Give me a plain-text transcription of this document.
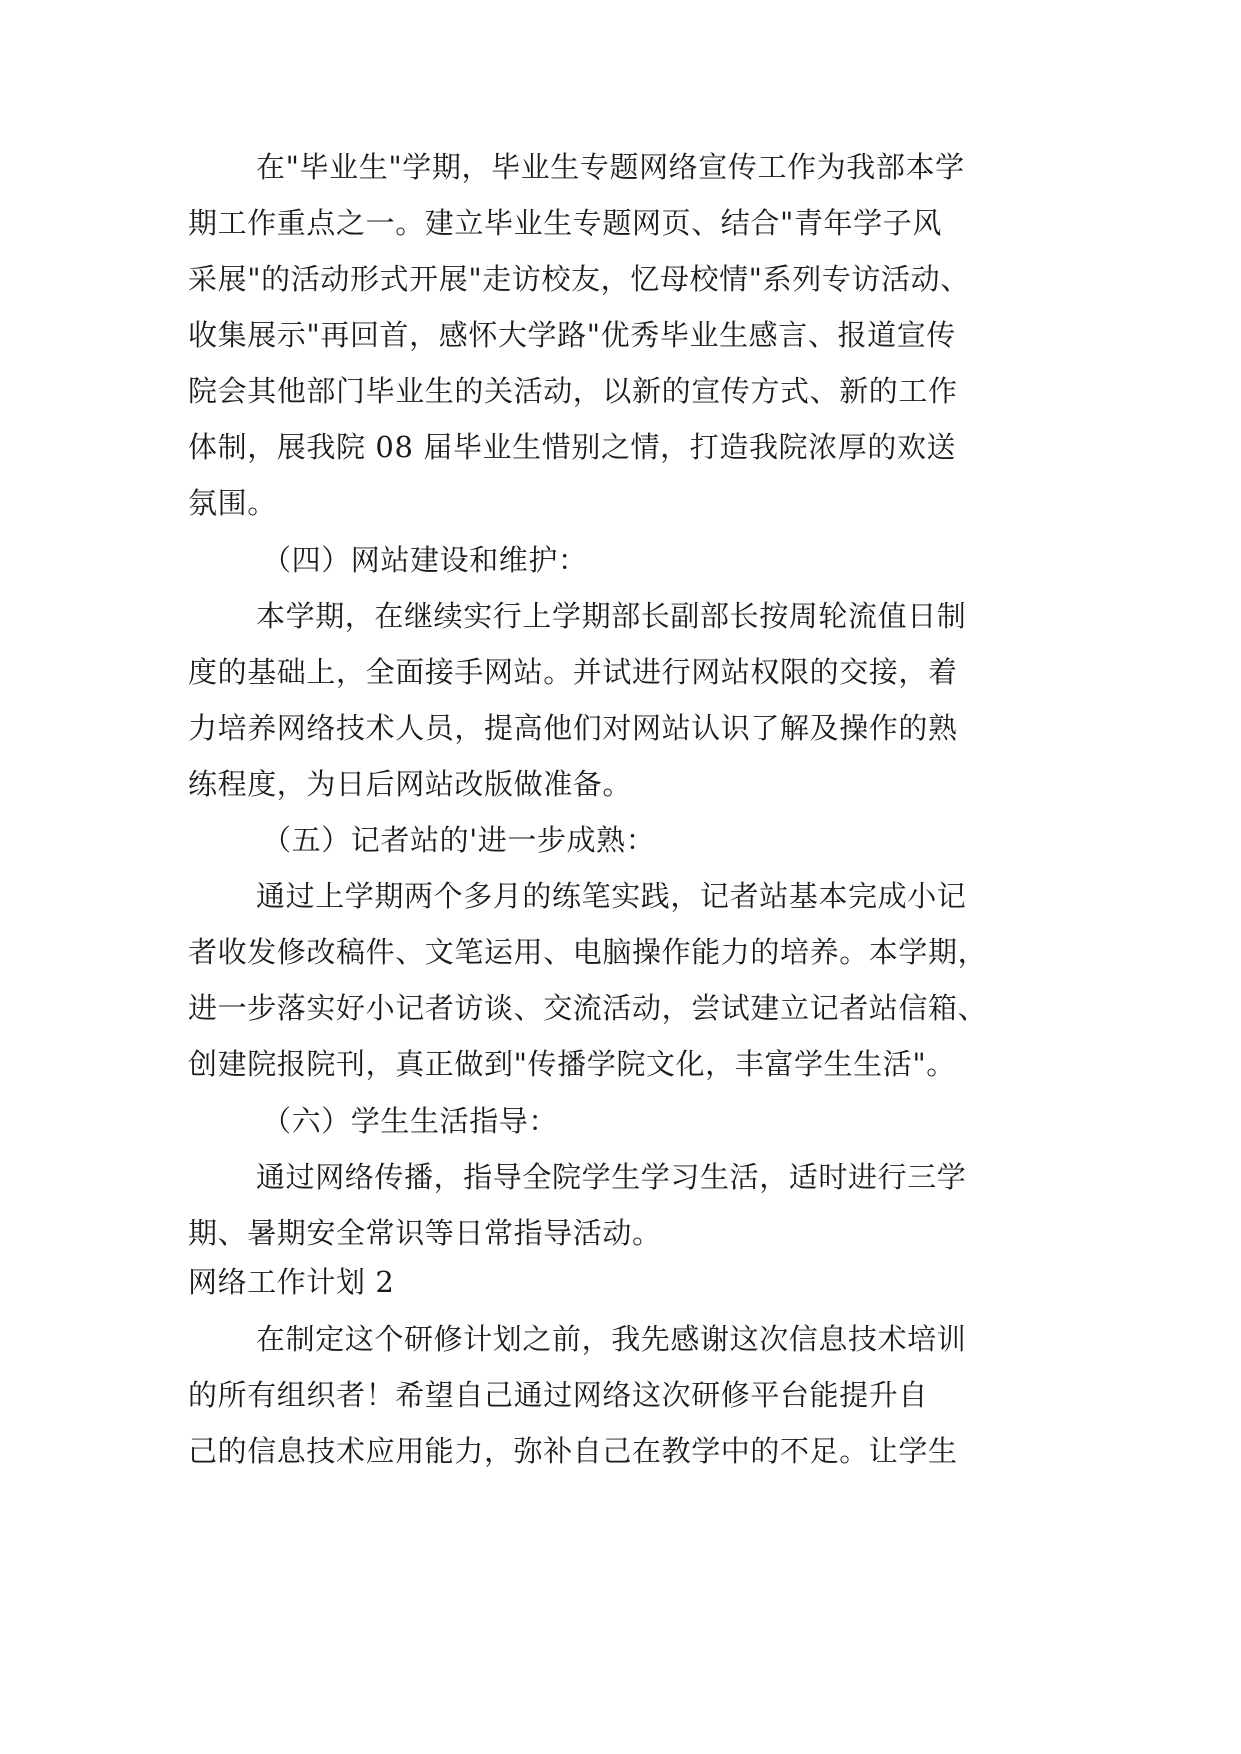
在"毕业生"学期，毕业生专题网络宣传工作为我部本学
期工作重点之一。建立毕业生专题网页、结合"青年学子风
采展"的活动形式开展"走访校友，忆母校情"系列专访活动、
收集展示"再回首，感怀大学路"优秀毕业生感言、报道宣传
院会其他部门毕业生的关活动，以新的宣传方式、新的工作
体制，展我院 08 届毕业生惜别之情，打造我院浓厚的欢送
氛围。
（四）网站建设和维护：
本学期，在继续实行上学期部长副部长按周轮流值日制
度的基础上，全面接手网站。并试进行网站权限的交接，着
力培养网络技术人员，提高他们对网站认识了解及操作的熟
练程度，为日后网站改版做准备。
（五）记者站的'进一步成熟：
通过上学期两个多月的练笔实践，记者站基本完成小记
者收发修改稿件、文笔运用、电脑操作能力的培养。本学期，
进一步落实好小记者访谈、交流活动，尝试建立记者站信箱、
创建院报院刊，真正做到"传播学院文化，丰富学生生活"。
（六）学生生活指导：
通过网络传播，指导全院学生学习生活，适时进行三学
期、暑期安全常识等日常指导活动。
网络工作计划 2
在制定这个研修计划之前，我先感谢这次信息技术培训
的所有组织者！希望自己通过网络这次研修平台能提升自
己的信息技术应用能力，弥补自己在教学中的不足。让学生
